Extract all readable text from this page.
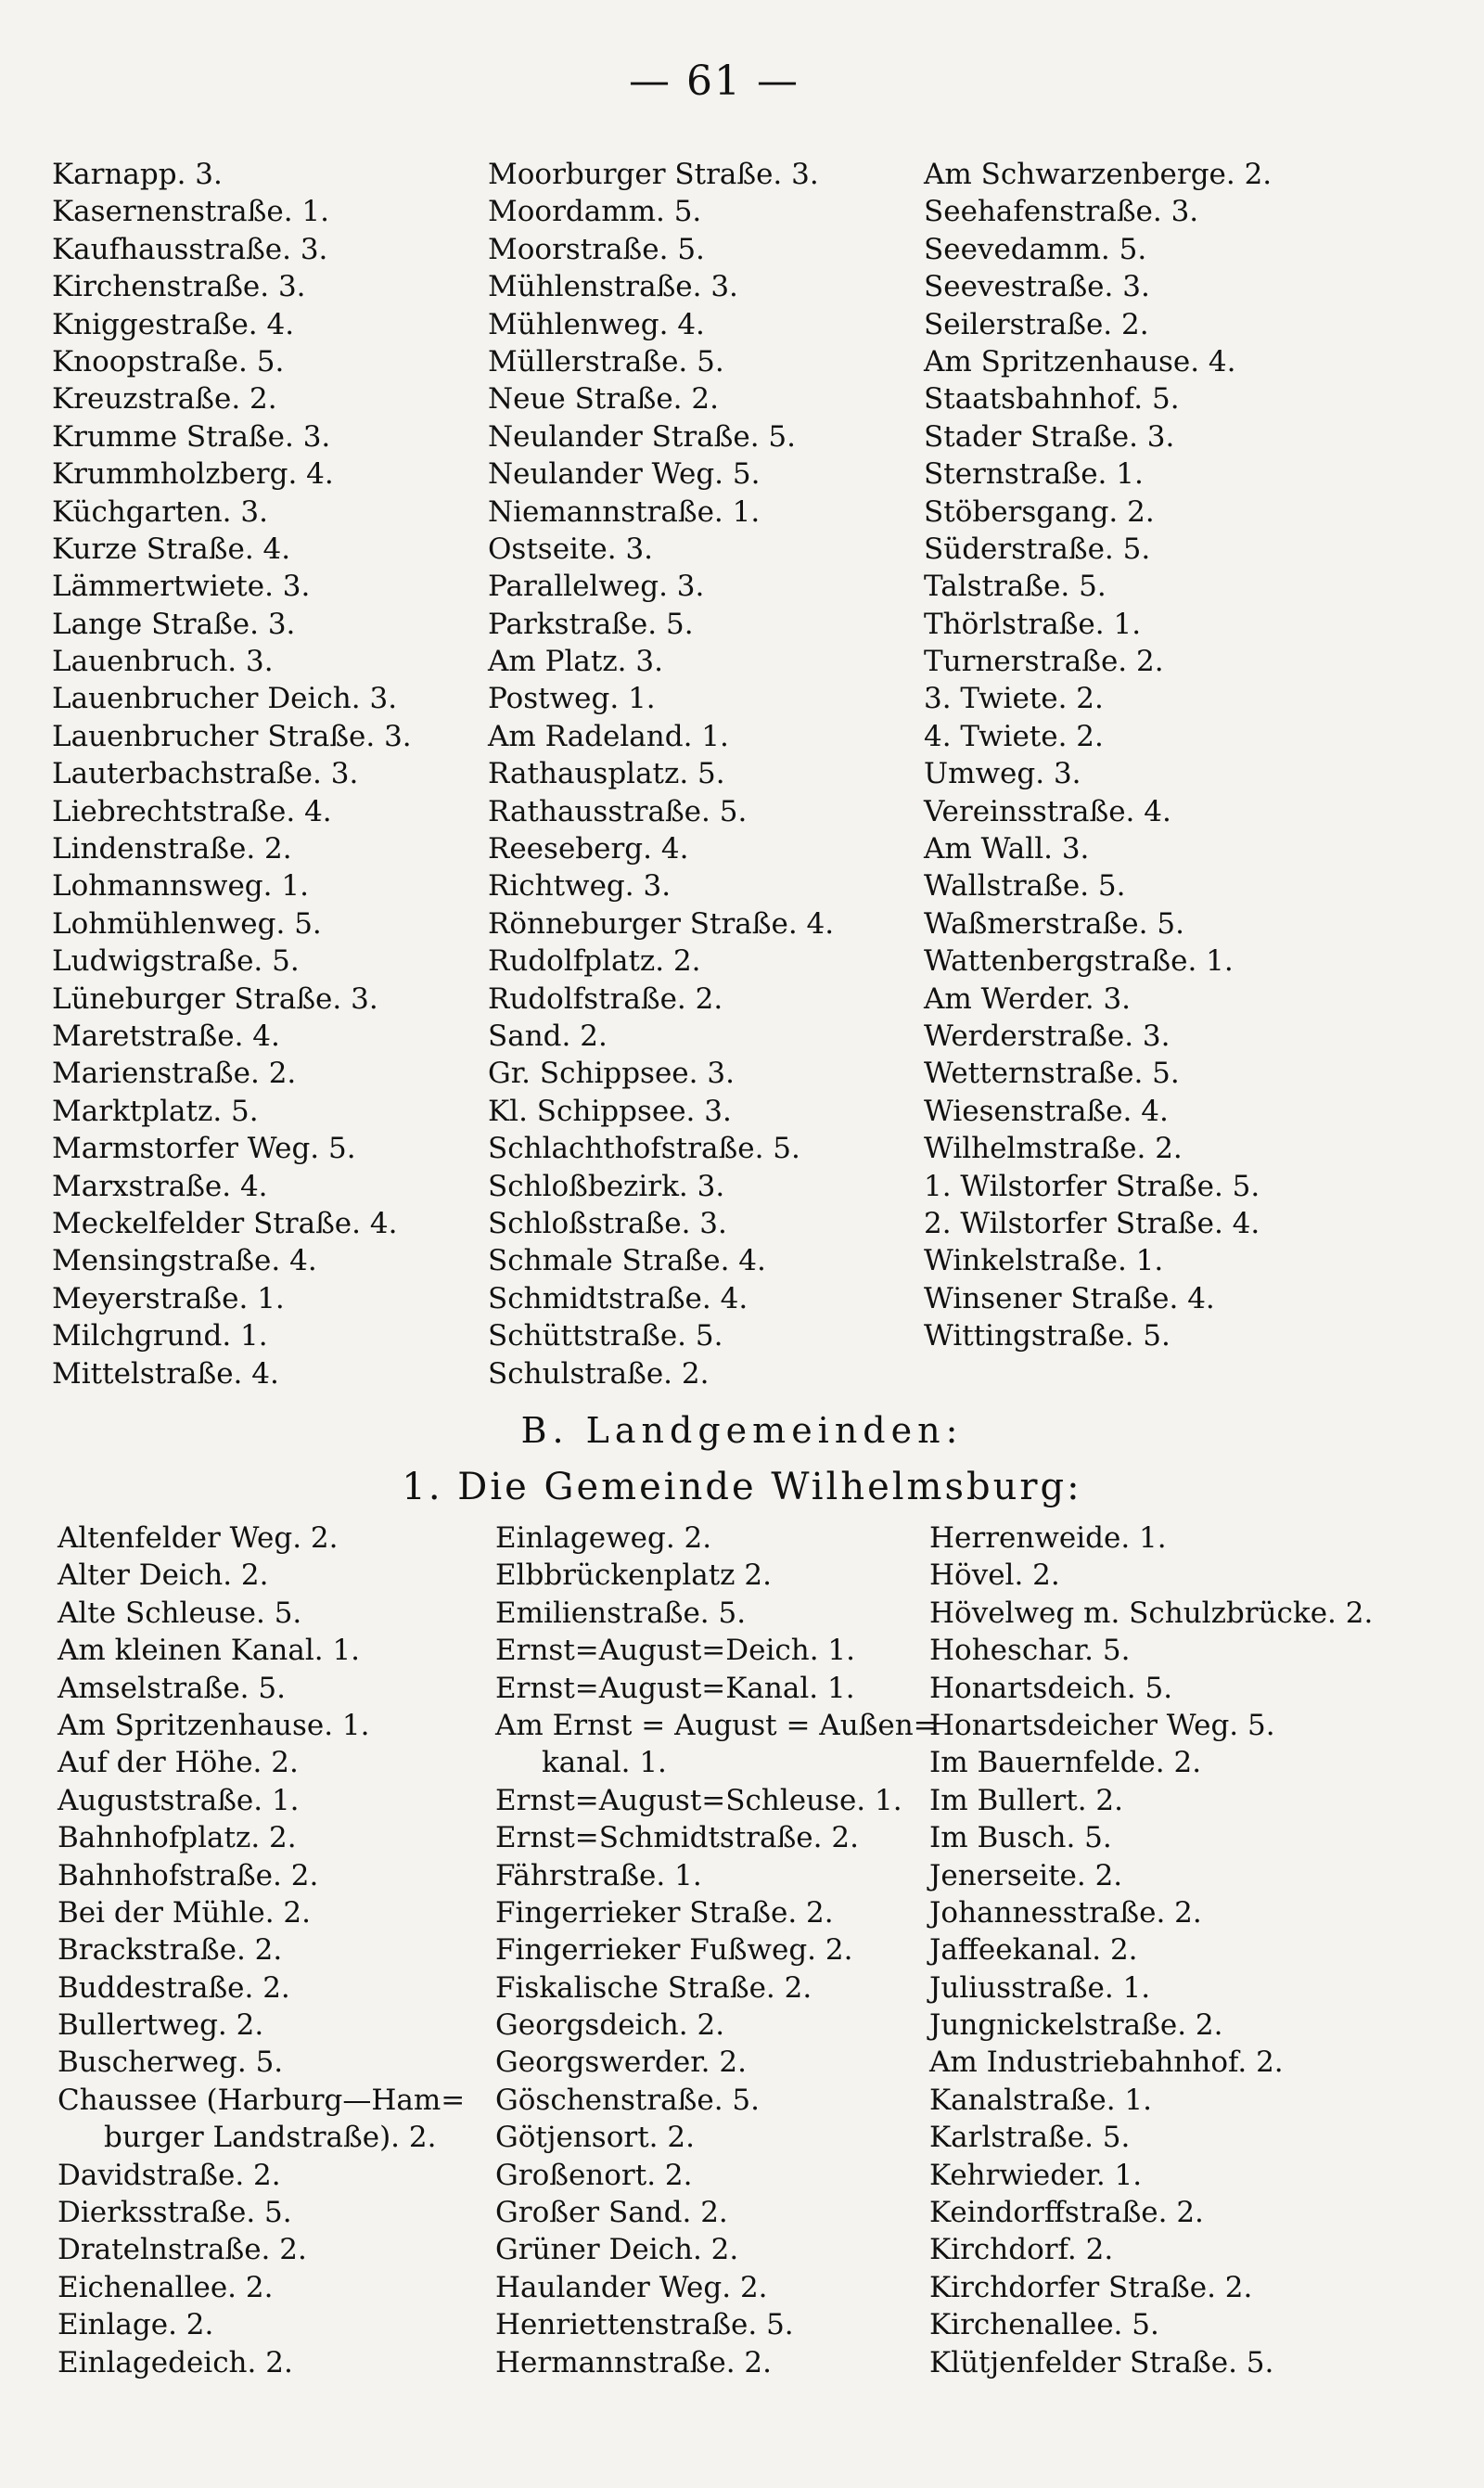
— 61 —
Karnapp. 3.
Kasernenstraße. 1.
Kaufhausstraße. 3.
Kirchenstraße. 3.
Kniggestraße. 4.
Knoopstraße. 5.
Kreuzstraße. 2.
Krumme Straße. 3.
Krummholzberg. 4.
Küchgarten. 3.
Kurze Straße. 4.
Lämmertwiete. 3.
Lange Straße. 3.
Lauenbruch. 3.
Lauenbrucher Deich. 3.
Lauenbrucher Straße. 3.
Lauterbachstraße. 3.
Liebrechtstraße. 4.
Lindenstraße. 2.
Lohmannsweg. 1.
Lohmühlenweg. 5.
Ludwigstraße. 5.
Lüneburger Straße. 3.
Maretstraße. 4.
Marienstraße. 2.
Marktplatz. 5.
Marmstorfer Weg. 5.
Marxstraße. 4.
Meckelfelder Straße. 4.
Mensingstraße. 4.
Meyerstraße. 1.
Milchgrund. 1.
Mittelstraße. 4.
Moorburger Straße. 3.
Moordamm. 5.
Moorstraße. 5.
Mühlenstraße. 3.
Mühlenweg. 4.
Müllerstraße. 5.
Neue Straße. 2.
Neulander Straße. 5.
Neulander Weg. 5.
Niemannstraße. 1.
Ostseite. 3.
Parallelweg. 3.
Parkstraße. 5.
Am Platz. 3.
Postweg. 1.
Am Radeland. 1.
Rathausplatz. 5.
Rathausstraße. 5.
Reeseberg. 4.
Richtweg. 3.
Rönneburger Straße. 4.
Rudolfplatz. 2.
Rudolfstraße. 2.
Sand. 2.
Gr. Schippsee. 3.
Kl. Schippsee. 3.
Schlachthofstraße. 5.
Schloßbezirk. 3.
Schloßstraße. 3.
Schmale Straße. 4.
Schmidtstraße. 4.
Schüttstraße. 5.
Schulstraße. 2.
Am Schwarzenberge. 2.
Seehafenstraße. 3.
Seevedamm. 5.
Seevestraße. 3.
Seilerstraße. 2.
Am Spritzenhause. 4.
Staatsbahnhof. 5.
Stader Straße. 3.
Sternstraße. 1.
Stöbersgang. 2.
Süderstraße. 5.
Talstraße. 5.
Thörlstraße. 1.
Turnerstraße. 2.
3. Twiete. 2.
4. Twiete. 2.
Umweg. 3.
Vereinsstraße. 4.
Am Wall. 3.
Wallstraße. 5.
Waßmerstraße. 5.
Wattenbergstraße. 1.
Am Werder. 3.
Werderstraße. 3.
Wetternstraße. 5.
Wiesenstraße. 4.
Wilhelmstraße. 2.
1. Wilstorfer Straße. 5.
2. Wilstorfer Straße. 4.
Winkelstraße. 1.
Winsener Straße. 4.
Wittingstraße. 5.
B. Landgemeinden:
1. Die Gemeinde Wilhelmsburg:
Altenfelder Weg. 2.
Alter Deich. 2.
Alte Schleuse. 5.
Am kleinen Kanal. 1.
Amselstraße. 5.
Am Spritzenhause. 1.
Auf der Höhe. 2.
Auguststraße. 1.
Bahnhofplatz. 2.
Bahnhofstraße. 2.
Bei der Mühle. 2.
Brackstraße. 2.
Buddestraße. 2.
Bullertweg. 2.
Buscherweg. 5.
Chaussee (Harburg—Ham=
burger Landstraße). 2.
Davidstraße. 2.
Dierksstraße. 5.
Dratelnstraße. 2.
Eichenallee. 2.
Einlage. 2.
Einlagedeich. 2.
Einlageweg. 2.
Elbbrückenplatz 2.
Emilienstraße. 5.
Ernst=August=Deich. 1.
Ernst=August=Kanal. 1.
Am Ernst = August = Außen=
kanal. 1.
Ernst=August=Schleuse. 1.
Ernst=Schmidtstraße. 2.
Fährstraße. 1.
Fingerrieker Straße. 2.
Fingerrieker Fußweg. 2.
Fiskalische Straße. 2.
Georgsdeich. 2.
Georgswerder. 2.
Göschenstraße. 5.
Götjensort. 2.
Großenort. 2.
Großer Sand. 2.
Grüner Deich. 2.
Haulander Weg. 2.
Henriettenstraße. 5.
Hermannstraße. 2.
Herrenweide. 1.
Hövel. 2.
Hövelweg m. Schulzbrücke. 2.
Hoheschar. 5.
Honartsdeich. 5.
Honartsdeicher Weg. 5.
Im Bauernfelde. 2.
Im Bullert. 2.
Im Busch. 5.
Jenerseite. 2.
Johannesstraße. 2.
Jaffeekanal. 2.
Juliusstraße. 1.
Jungnickelstraße. 2.
Am Industriebahnhof. 2.
Kanalstraße. 1.
Karlstraße. 5.
Kehrwieder. 1.
Keindorffstraße. 2.
Kirchdorf. 2.
Kirchdorfer Straße. 2.
Kirchenallee. 5.
Klütjenfelder Straße. 5.
